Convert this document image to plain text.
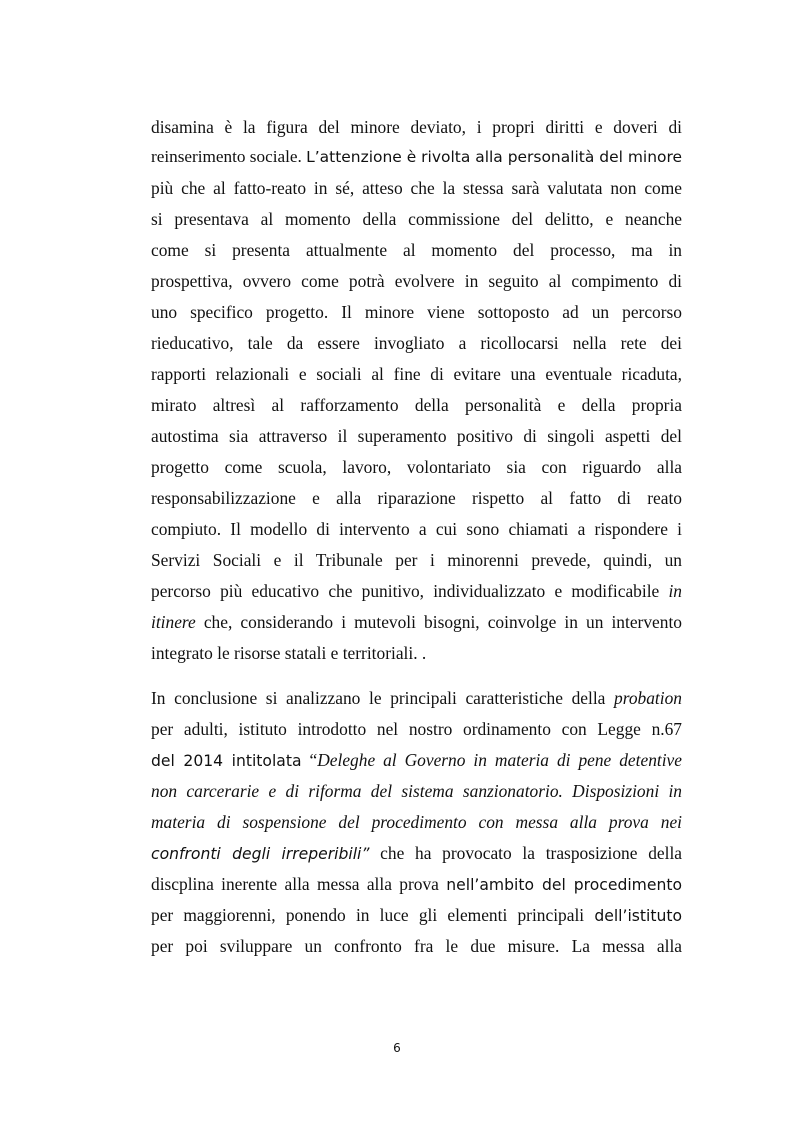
disamina è la figura del minore deviato, i propri diritti e doveri di
reinserimento sociale. L’attenzione è rivolta alla personalità del minore
più che al fatto-reato in sé, atteso che la stessa sarà valutata non come
si presentava al momento della commissione del delitto, e neanche
come si presenta attualmente al momento del processo, ma in
prospettiva, ovvero come potrà evolvere in seguito al compimento di
uno specifico progetto. Il minore viene sottoposto ad un percorso
rieducativo, tale da essere invogliato a ricollocarsi nella rete dei
rapporti relazionali e sociali al fine di evitare una eventuale ricaduta,
mirato altresì al rafforzamento della personalità e della propria
autostima sia attraverso il superamento positivo di singoli aspetti del
progetto come scuola, lavoro, volontariato sia con riguardo alla
responsabilizzazione e alla riparazione rispetto al fatto di reato
compiuto. Il modello di intervento a cui sono chiamati a rispondere i
Servizi Sociali e il Tribunale per i minorenni prevede, quindi, un
percorso più educativo che punitivo, individualizzato e modificabile in
itinere che, considerando i mutevoli bisogni, coinvolge in un intervento
integrato le risorse statali e territoriali. .
In conclusione si analizzano le principali caratteristiche della probation
per adulti, istituto introdotto nel nostro ordinamento con Legge n.67
del 2014 intitolata “Deleghe al Governo in materia di pene detentive
non carcerarie e di riforma del sistema sanzionatorio. Disposizioni in
materia di sospensione del procedimento con messa alla prova nei
confronti degli irreperibili” che ha provocato la trasposizione della
discplina inerente alla messa alla prova nell’ambito del procedimento
per maggiorenni, ponendo in luce gli elementi principali dell’istituto
per poi sviluppare un confronto fra le due misure. La messa alla
6
